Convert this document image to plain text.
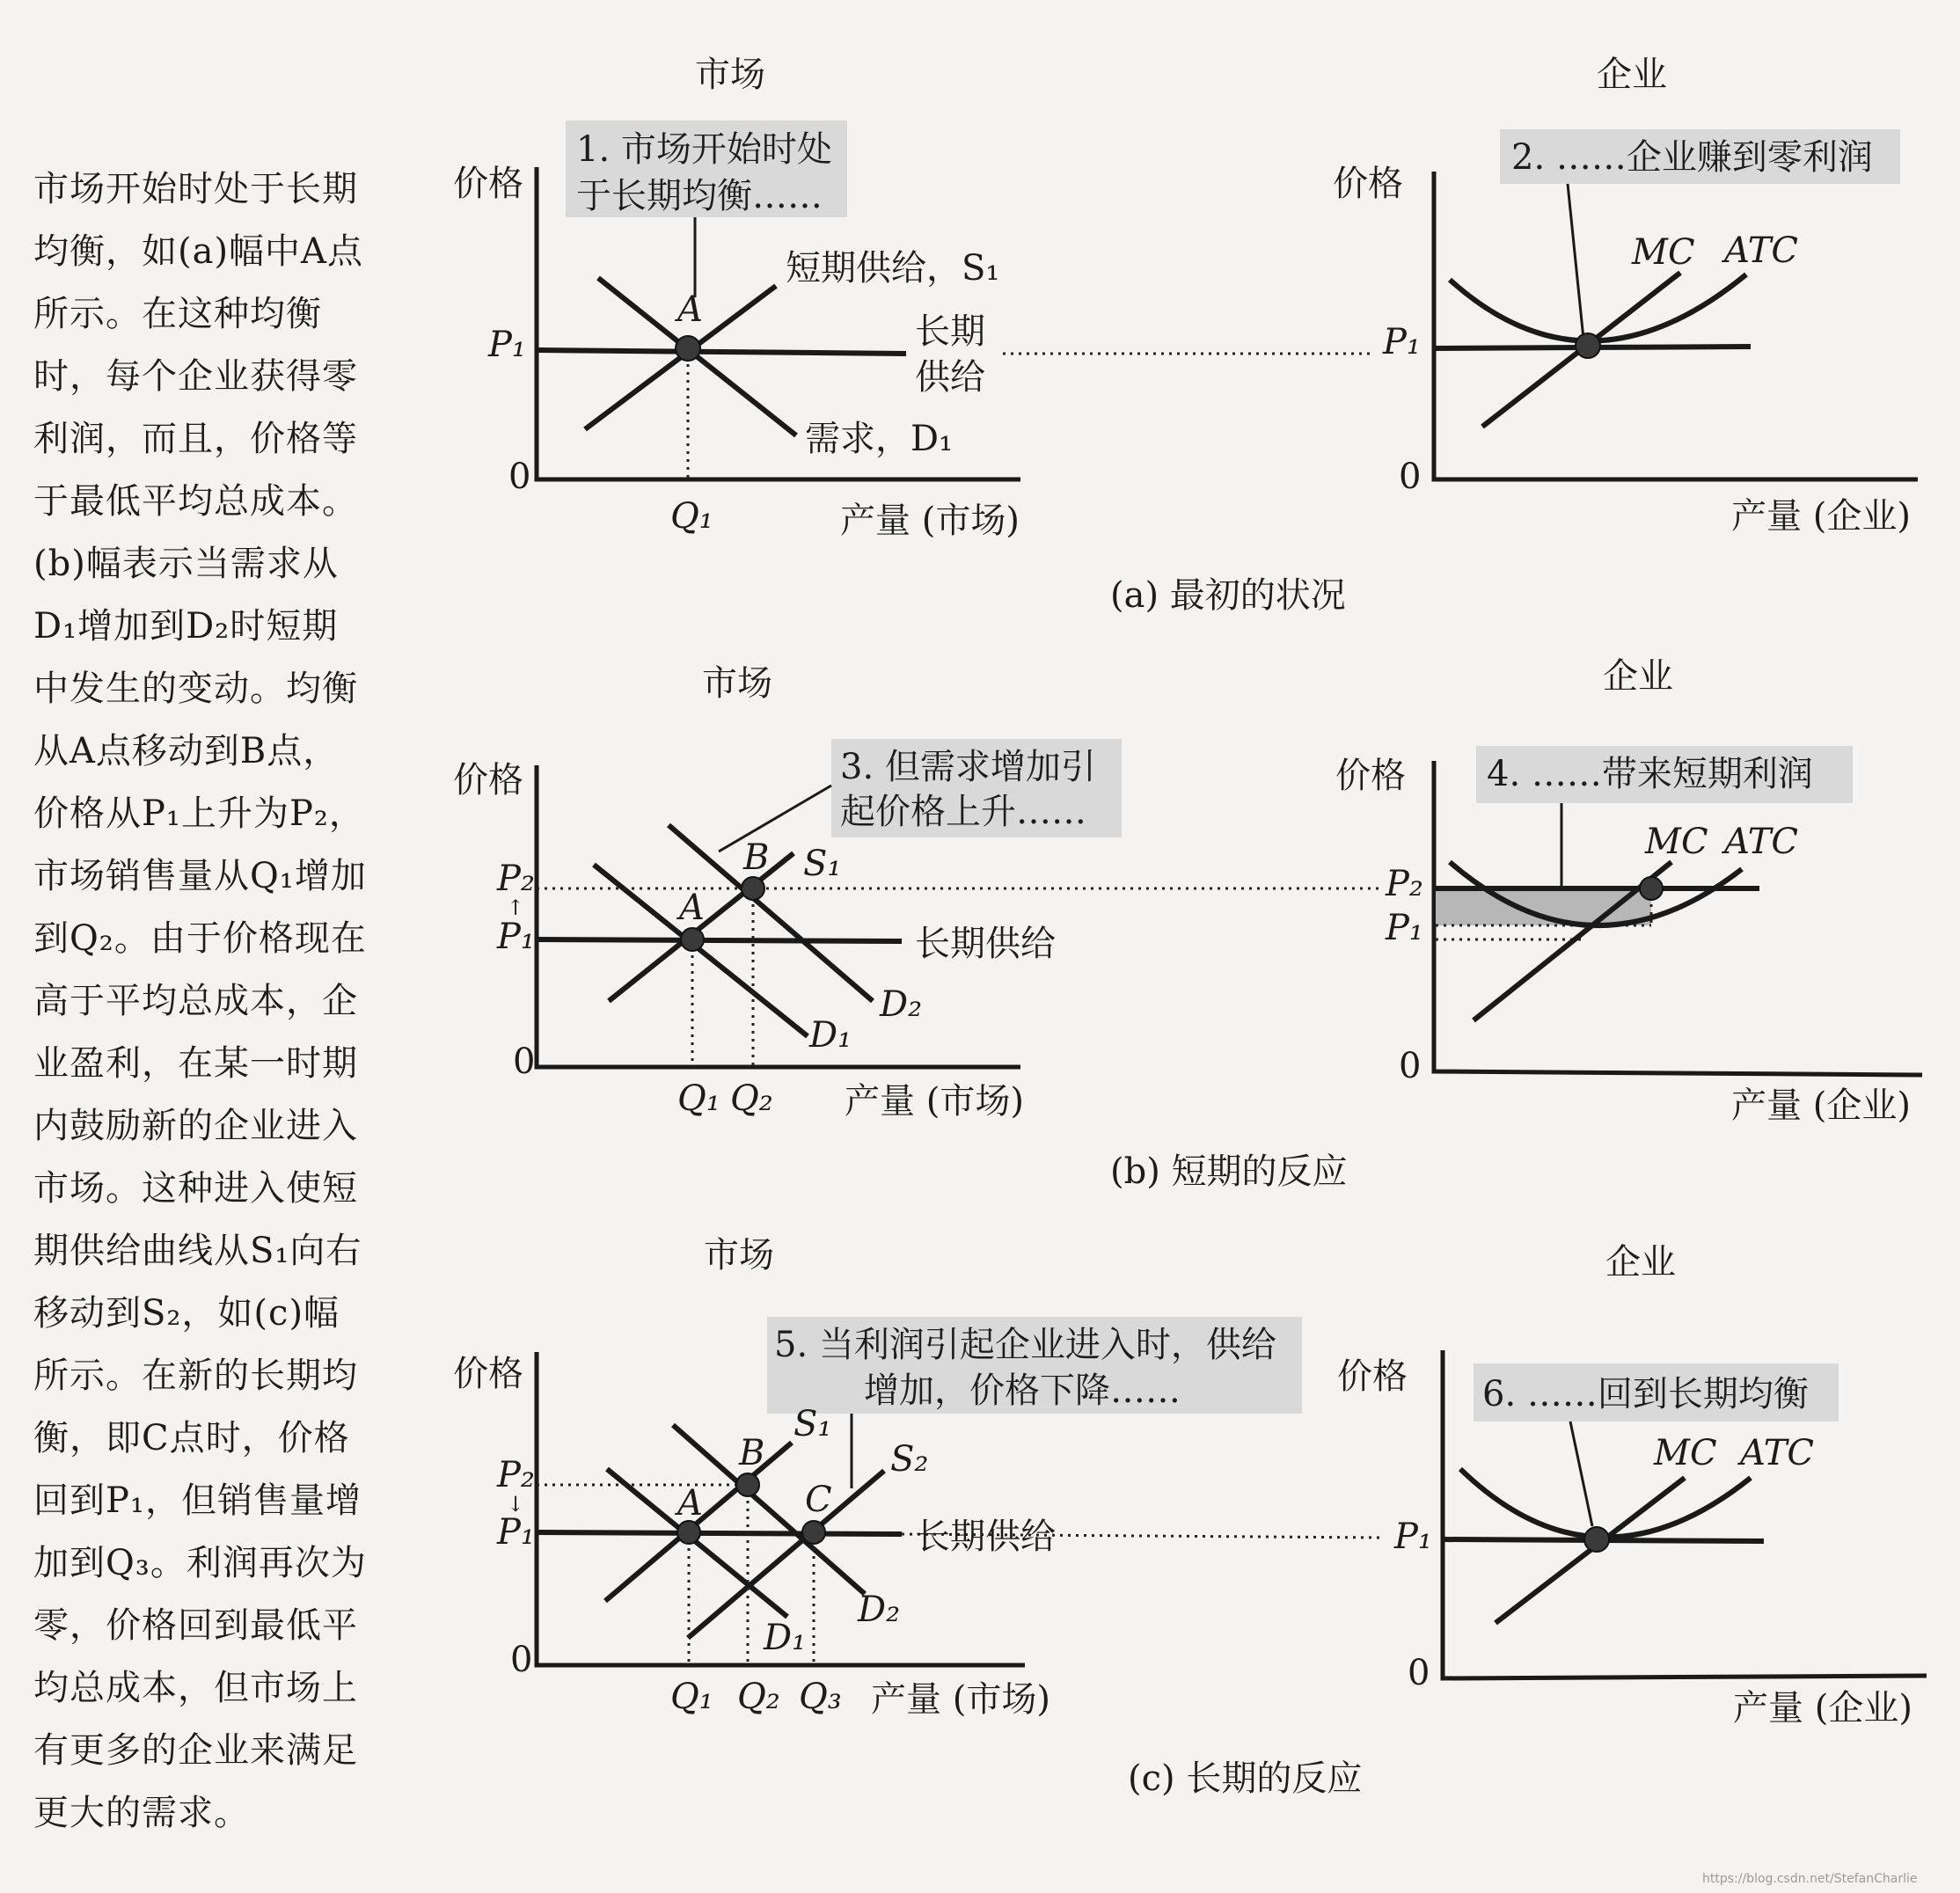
市场开始时处于长期均衡，如(a)幅中A点所示。在这种均衡时，每个企业获得零利润，而且，价格等于最低平均总成本。(b)幅表示当需求从D₁增加到D₂时短期中发生的变动。均衡从A点移动到B点，价格从P₁上升为P₂，市场销售量从Q₁增加到Q₂。由于价格现在高于平均总成本，企业盈利，在某一时期内鼓励新的企业进入市场。这种进入使短期供给曲线从S₁向右移动到S₂，如(c)幅所示。在新的长期均衡，即C点时，价格回到P₁，但销售量增加到Q₃。利润再次为零，价格回到最低平均总成本，但市场上有更多的企业来满足更大的需求。
市场	企业
1. 市场开始时处
于长期均衡……
价格
0
A
P₁
Q₁
短期供给，S₁
长期
供给
需求，D₁
产量 (市场)
2. ……企业赚到零利润
价格
0
P₁
MC ATC
产量 (企业)
(a) 最初的状况
市场	企业
3. 但需求增加引
起价格上升……
价格
0
A
B
P₂
↑
P₁
S₁
D₂
D₁
长期供给
Q₁ Q₂ 产量 (市场)
4. ……带来短期利润
价格
0
P₂
P₁
MC ATC
产量 (企业)
(b) 短期的反应
市场	企业
5. 当利润引起企业进入时，供给
增加，价格下降……
价格
0
A
B
C
P₂
↓
P₁
S₁
S₂
D₂
D₁
长期供给
Q₁ Q₂ Q₃ 产量 (市场)
6. ……回到长期均衡
价格
0
P₁
MC ATC
产量 (企业)
(c) 长期的反应
https://blog.csdn.net/StefanCharlie
